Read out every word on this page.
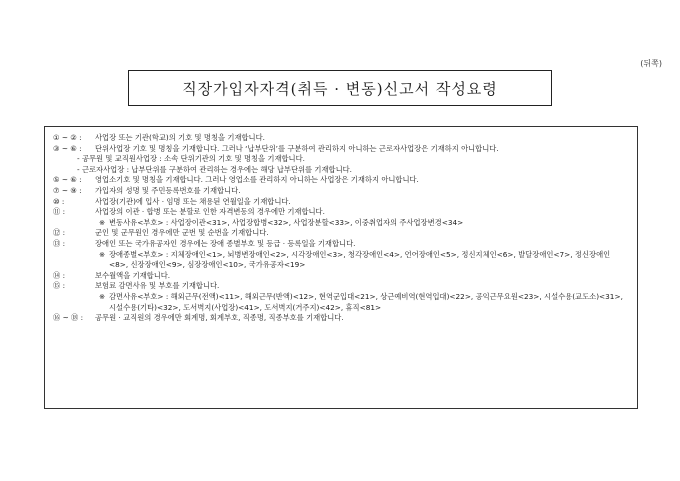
(뒤쪽)
직장가입자자격(취득 · 변동)신고서 작성요령
① ~ ② :	사업장 또는 기관(학교)의 기호 및 명칭을 기재합니다.
③ ~ ⑥ :	단위사업장 기호 및 명칭을 기재합니다. 그러나 ‘납부단위’를 구분하여 관리하지 아니하는 근로자사업장은 기재하지 아니합니다.
- 공무원 및 교직원사업장 : 소속 단위기관의 기호 및 명칭을 기재합니다.
- 근로자사업장 : 납부단위를 구분하여 관리하는 경우에는 해당 납부단위를 기재합니다.
⑤ ~ ⑥ :	영업소기호 및 명칭을 기재합니다. 그러나 영업소를 관리하지 아니하는 사업장은 기재하지 아니합니다.
⑦ ~ ⑨ :	가입자의 성명 및 주민등록번호를 기재합니다.
⑩ :	사업장(기관)에 입사 · 임명 또는 채용된 연월일을 기재합니다.
⑪ :	사업장의 이관 · 합병 또는 분할로 인한 자격변동의 경우에만 기재합니다.
※ 변동사유<부호> : 사업장이관<31>, 사업장합병<32>, 사업장분할<33>, 이중취업자의 주사업장변경<34>
⑫ :	군인 및 군무원인 경우에만 군번 및 순번을 기재합니다.
⑬ :	장애인 또는 국가유공자인 경우에는 장애 종별부호 및 등급 · 등록일을 기재합니다.
※ 장애종별<부호> : 지체장애인<1>, 뇌병변장애인<2>, 시각장애인<3>, 청각장애인<4>, 언어장애인<5>, 정신지체인<6>, 발달장애인<7>, 정신장애인<8>, 신장장애인<9>, 심장장애인<10>, 국가유공자<19>
⑭ :	보수월액을 기재합니다.
⑮ :	보험료 감면사유 및 부호를 기재합니다.
※ 감면사유<부호> : 해외근무(전액)<11>, 해외근무(반액)<12>, 현역군입대<21>, 상근예비역(현역입대)<22>, 공익근무요원<23>, 시설수용(교도소)<31>, 시설수용(기타)<32>, 도서벽지(사업장)<41>, 도서벽지(거주지)<42>, 휴직<81>
⑯ ~ ⑱ :	공무원 · 교직원의 경우에만 회계명, 회계부호, 직종명, 직종부호를 기재합니다.
